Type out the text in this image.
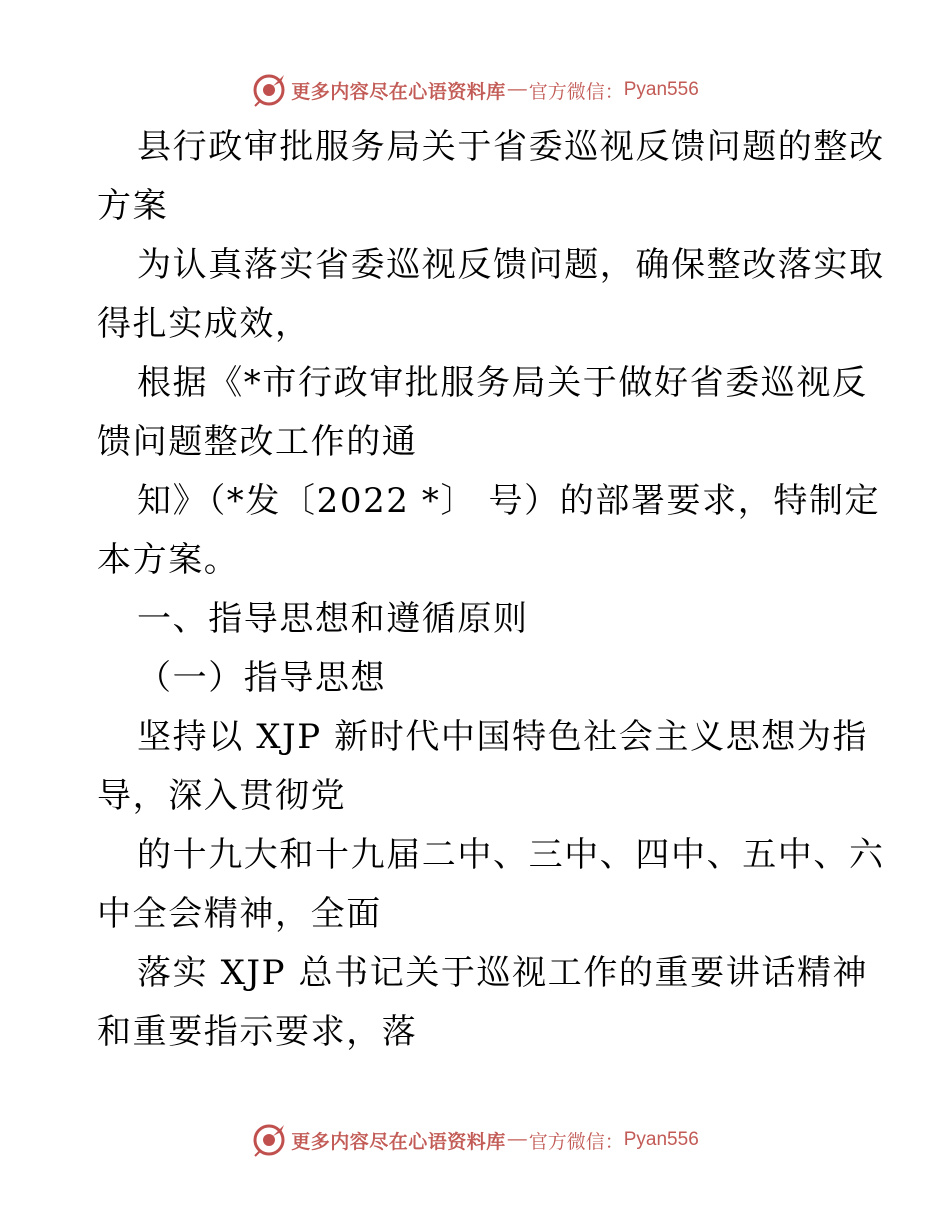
更多内容尽在心语资料库 — 官方微信： Pyan556
县行政审批服务局关于省委巡视反馈问题的整改
方案
为认真落实省委巡视反馈问题，确保整改落实取
得扎实成效，
根据《*市行政审批服务局关于做好省委巡视反
馈问题整改工作的通
知》（*发〔2022 *〕 号）的部署要求，特制定
本方案。
一、指导思想和遵循原则
（一）指导思想
坚持以 XJP 新时代中国特色社会主义思想为指
导，深入贯彻党
的十九大和十九届二中、三中、四中、五中、六
中全会精神，全面
落实 XJP 总书记关于巡视工作的重要讲话精神
和重要指示要求，落
更多内容尽在心语资料库 — 官方微信： Pyan556
